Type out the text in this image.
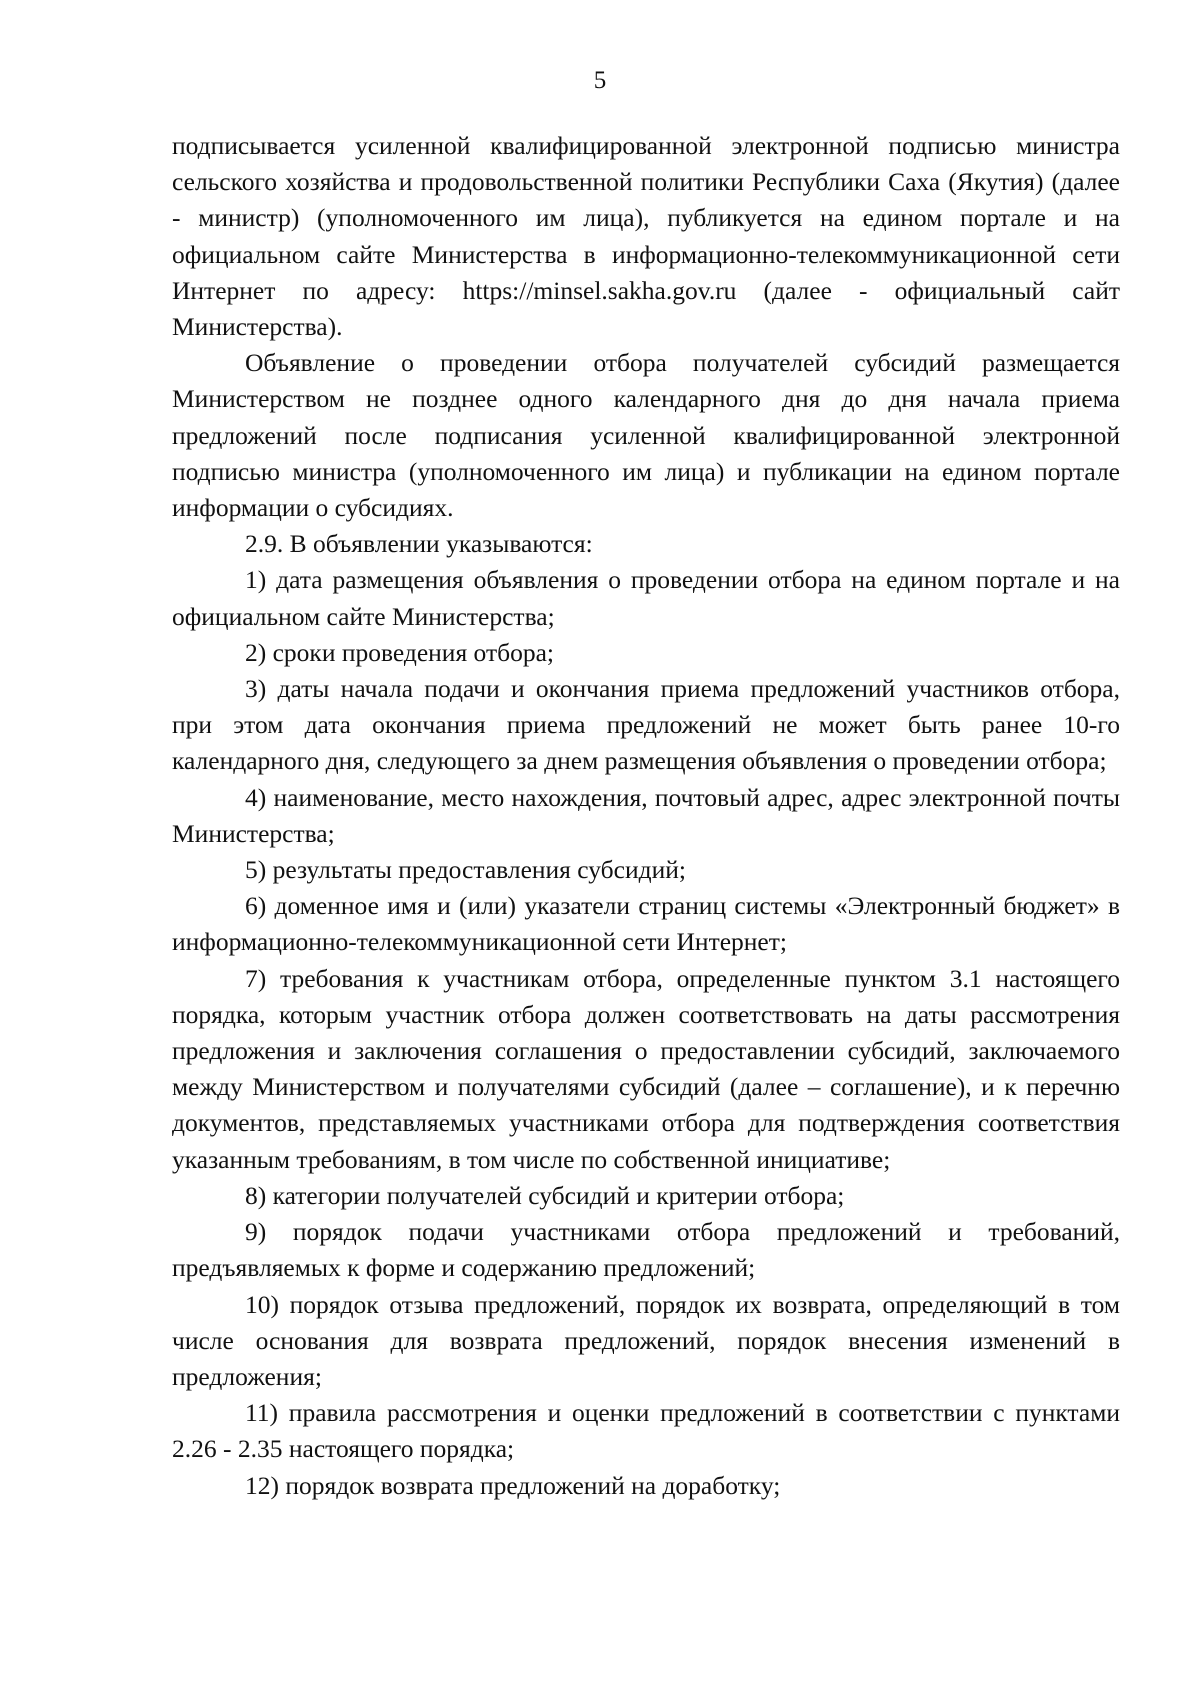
5

подписывается усиленной квалифицированной электронной подписью министра сельского хозяйства и продовольственной политики Республики Саха (Якутия) (далее - министр) (уполномоченного им лица), публикуется на едином портале и на официальном сайте Министерства в информационно-телекоммуникационной сети Интернет по адресу: https://minsel.sakha.gov.ru (далее - официальный сайт Министерства).

Объявление о проведении отбора получателей субсидий размещается Министерством не позднее одного календарного дня до дня начала приема предложений после подписания усиленной квалифицированной электронной подписью министра (уполномоченного им лица) и публикации на едином портале информации о субсидиях.

2.9. В объявлении указываются:

1) дата размещения объявления о проведении отбора на едином портале и на официальном сайте Министерства;

2) сроки проведения отбора;

3) даты начала подачи и окончания приема предложений участников отбора, при этом дата окончания приема предложений не может быть ранее 10-го календарного дня, следующего за днем размещения объявления о проведении отбора;

4) наименование, место нахождения, почтовый адрес, адрес электронной почты Министерства;

5) результаты предоставления субсидий;

6) доменное имя и (или) указатели страниц системы «Электронный бюджет» в информационно-телекоммуникационной сети Интернет;

7) требования к участникам отбора, определенные пунктом 3.1 настоящего порядка, которым участник отбора должен соответствовать на даты рассмотрения предложения и заключения соглашения о предоставлении субсидий, заключаемого между Министерством и получателями субсидий (далее – соглашение), и к перечню документов, представляемых участниками отбора для подтверждения соответствия указанным требованиям, в том числе по собственной инициативе;

8) категории получателей субсидий и критерии отбора;

9) порядок подачи участниками отбора предложений и требований, предъявляемых к форме и содержанию предложений;

10) порядок отзыва предложений, порядок их возврата, определяющий в том числе основания для возврата предложений, порядок внесения изменений в предложения;

11) правила рассмотрения и оценки предложений в соответствии с пунктами 2.26 - 2.35 настоящего порядка;

12) порядок возврата предложений на доработку;
